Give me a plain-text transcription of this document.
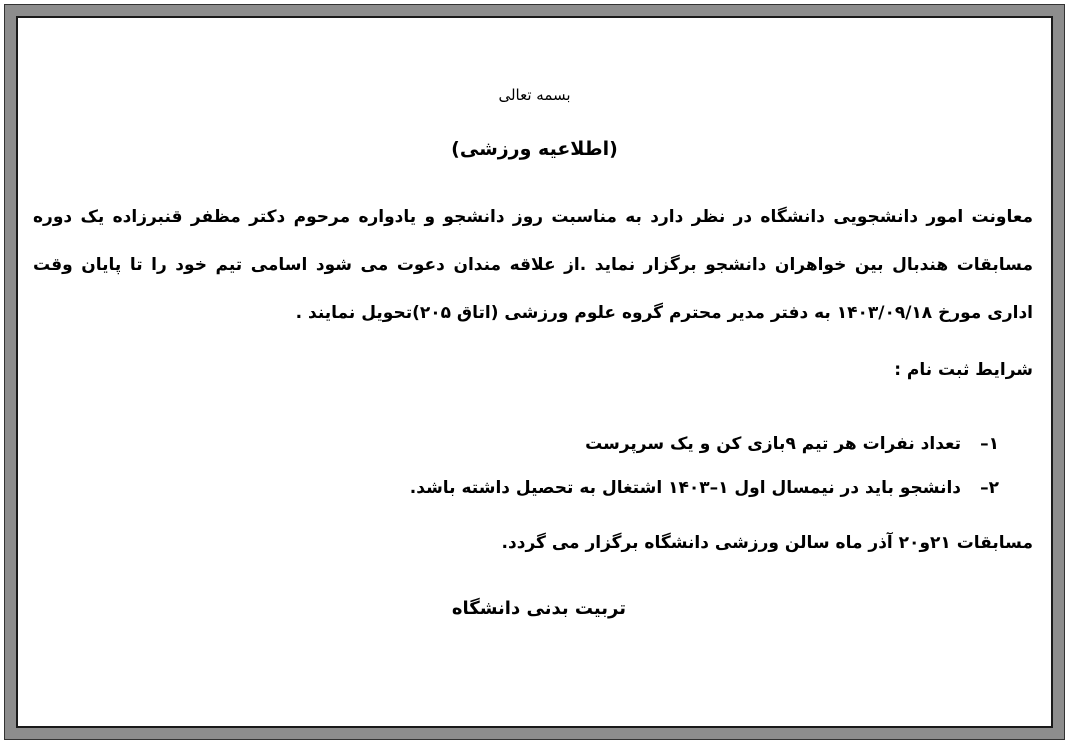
بسمه تعالی
(اطلاعیه ورزشی)

معاونت امور دانشجویی دانشگاه در نظر دارد به مناسبت روز دانشجو و یادواره مرحوم دکتر مظفر قنبرزاده یک دوره مسابقات هندبال بین خواهران دانشجو برگزار نماید .از علاقه مندان دعوت می شود اسامی تیم خود را تا پایان وقت اداری مورخ ۱۴۰۳/۰۹/۱۸ به دفتر مدیر محترم گروه علوم ورزشی (اتاق ۲۰۵)تحویل نمایند .

شرایط ثبت نام :
۱–
تعداد نفرات هر تیم ۹بازی کن و یک سرپرست
۲–
دانشجو باید در نیمسال اول ۱–۱۴۰۳ اشتغال به تحصیل داشته باشد.
مسابقات ۲۱و۲۰ آذر ماه سالن ورزشی دانشگاه برگزار می گردد.
تربیت بدنی دانشگاه
